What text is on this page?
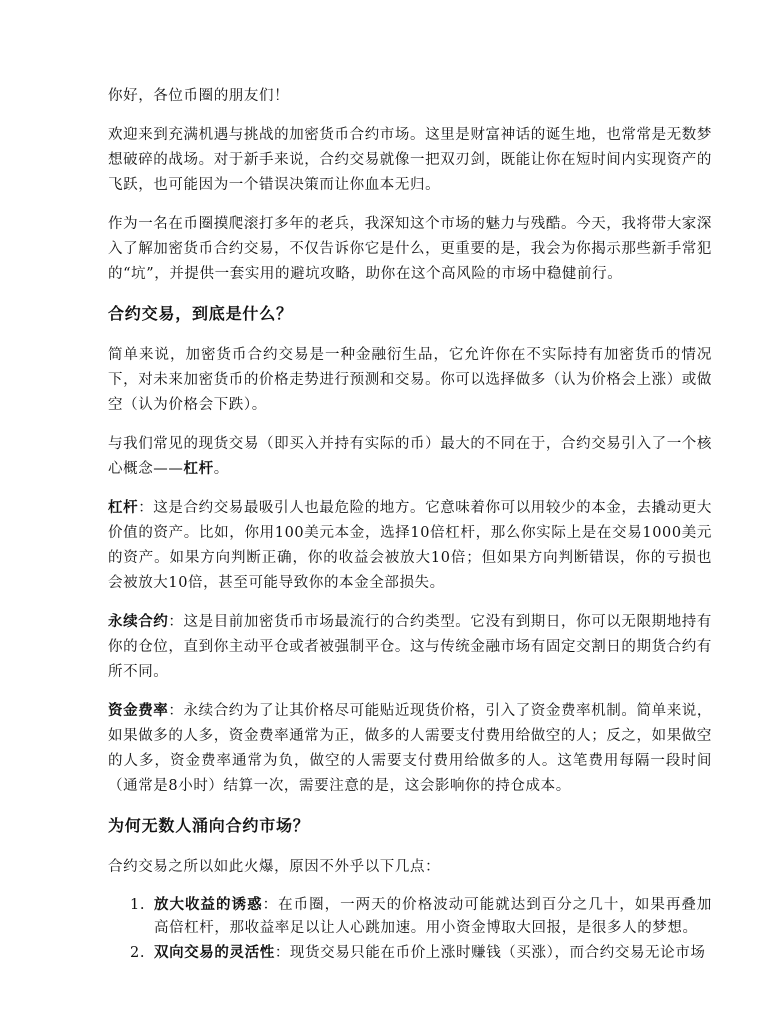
你好，各位币圈的朋友们！

欢迎来到充满机遇与挑战的加密货币合约市场。这里是财富神话的诞生地，也常常是无数梦想破碎的战场。对于新手来说，合约交易就像一把双刃剑，既能让你在短时间内实现资产的飞跃，也可能因为一个错误决策而让你血本无归。

作为一名在币圈摸爬滚打多年的老兵，我深知这个市场的魅力与残酷。今天，我将带大家深入了解加密货币合约交易，不仅告诉你它是什么，更重要的是，我会为你揭示那些新手常犯的“坑”，并提供一套实用的避坑攻略，助你在这个高风险的市场中稳健前行。

合约交易，到底是什么？

简单来说，加密货币合约交易是一种金融衍生品，它允许你在不实际持有加密货币的情况下，对未来加密货币的价格走势进行预测和交易。你可以选择做多（认为价格会上涨）或做空（认为价格会下跌）。

与我们常见的现货交易（即买入并持有实际的币）最大的不同在于，合约交易引入了一个核心概念——杠杆。

杠杆：这是合约交易最吸引人也最危险的地方。它意味着你可以用较少的本金，去撬动更大价值的资产。比如，你用100美元本金，选择10倍杠杆，那么你实际上是在交易1000美元的资产。如果方向判断正确，你的收益会被放大10倍；但如果方向判断错误，你的亏损也会被放大10倍，甚至可能导致你的本金全部损失。

永续合约：这是目前加密货币市场最流行的合约类型。它没有到期日，你可以无限期地持有你的仓位，直到你主动平仓或者被强制平仓。这与传统金融市场有固定交割日的期货合约有所不同。

资金费率：永续合约为了让其价格尽可能贴近现货价格，引入了资金费率机制。简单来说，如果做多的人多，资金费率通常为正，做多的人需要支付费用给做空的人；反之，如果做空的人多，资金费率通常为负，做空的人需要支付费用给做多的人。这笔费用每隔一段时间（通常是8小时）结算一次，需要注意的是，这会影响你的持仓成本。

为何无数人涌向合约市场？

合约交易之所以如此火爆，原因不外乎以下几点：

1. 放大收益的诱惑：在币圈，一两天的价格波动可能就达到百分之几十，如果再叠加高倍杠杆，那收益率足以让人心跳加速。用小资金博取大回报，是很多人的梦想。
2. 双向交易的灵活性：现货交易只能在币价上涨时赚钱（买涨），而合约交易无论市场
